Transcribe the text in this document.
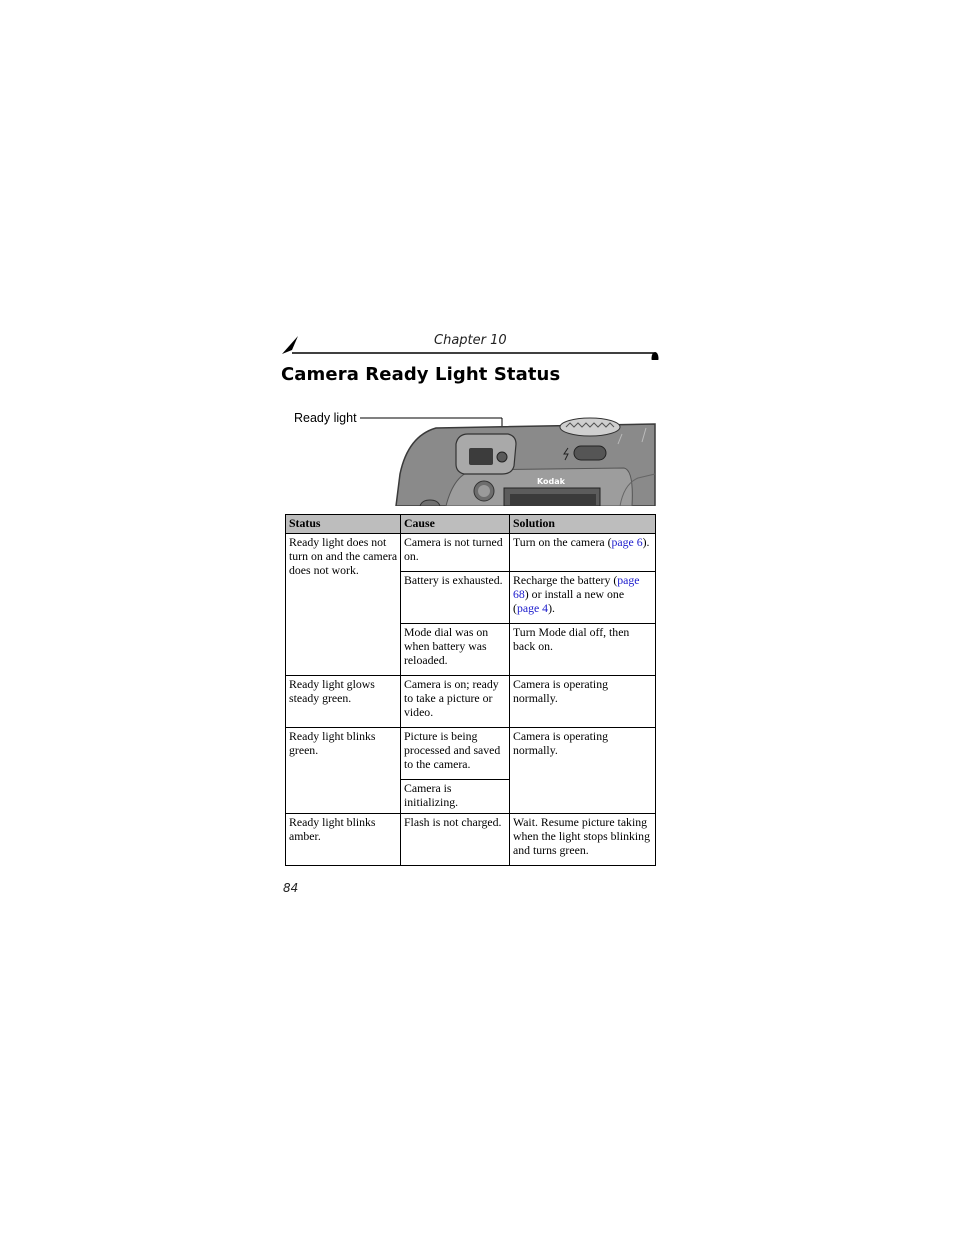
Chapter 10
Camera Ready Light Status
Ready light
Kodak
Status	Cause	Solution
Ready light does not turn on and the camera does not work.	Camera is not turned on.	Turn on the camera (page 6).
	Battery is exhausted.	Recharge the battery (page 68) or install a new one (page 4).
	Mode dial was on when battery was reloaded.	Turn Mode dial off, then back on.
Ready light glows steady green.	Camera is on; ready to take a picture or video.	Camera is operating normally.
Ready light blinks green.	Picture is being processed and saved to the camera.	Camera is operating normally.
	Camera is initializing.	
Ready light blinks amber.	Flash is not charged.	Wait. Resume picture taking when the light stops blinking and turns green.
84
